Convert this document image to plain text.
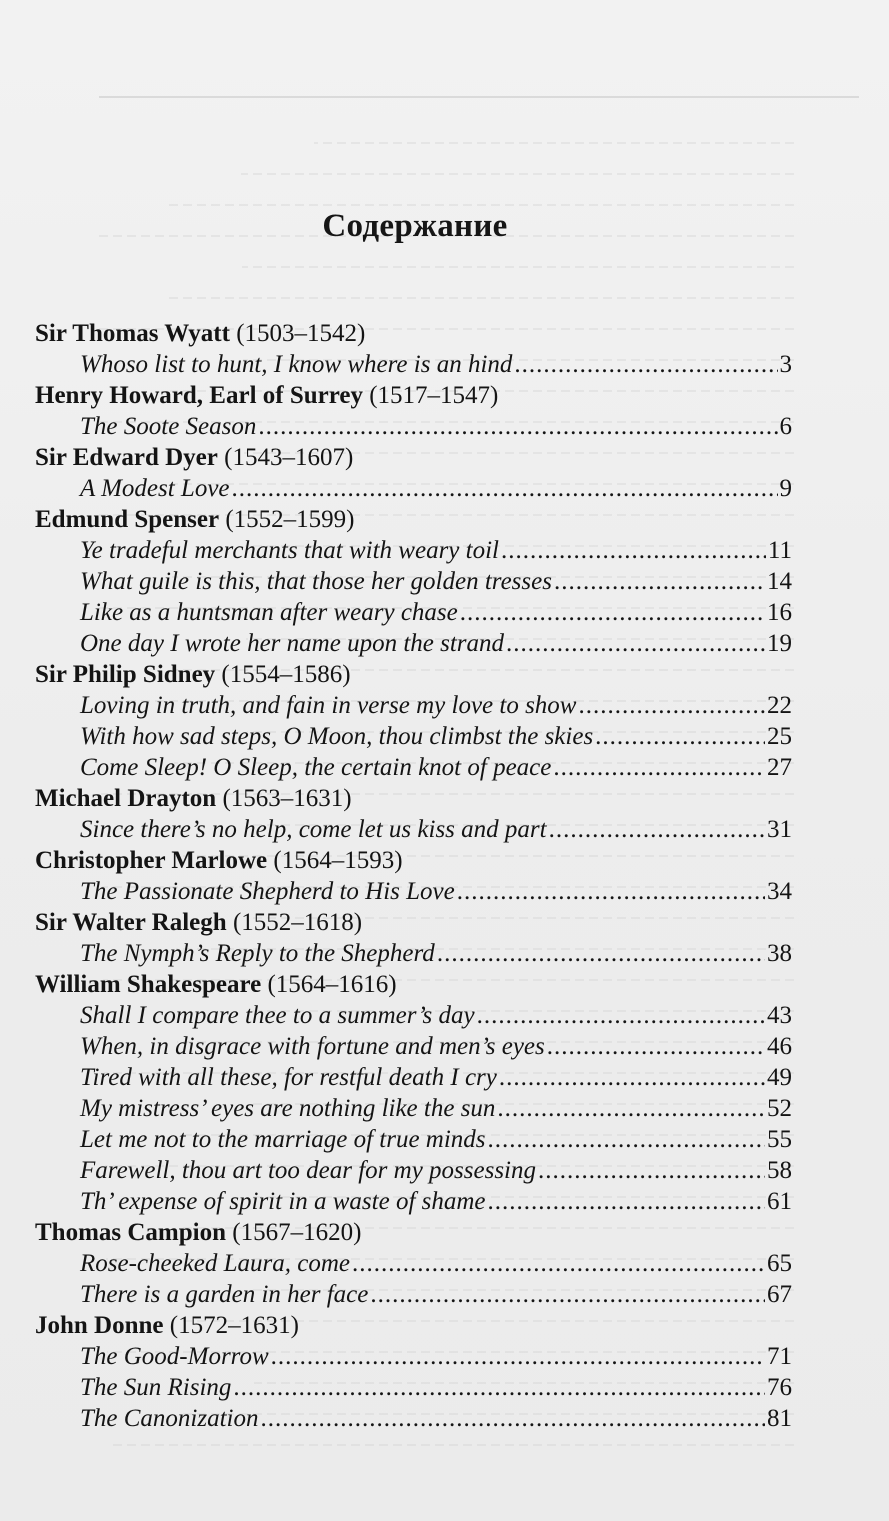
Содержание
Sir Thomas Wyatt (1503–1542)
Whoso list to hunt, I know where is an hind .....	3
Henry Howard, Earl of Surrey (1517–1547)
The Soote Season .....	6
Sir Edward Dyer (1543–1607)
A Modest Love .....	9
Edmund Spenser (1552–1599)
Ye tradeful merchants that with weary toil .....	11
What guile is this, that those her golden tresses .....	14
Like as a huntsman after weary chase .....	16
One day I wrote her name upon the strand .....	19
Sir Philip Sidney (1554–1586)
Loving in truth, and fain in verse my love to show .....	22
With how sad steps, O Moon, thou climbst the skies .....	25
Come Sleep! O Sleep, the certain knot of peace .....	27
Michael Drayton (1563–1631)
Since there’s no help, come let us kiss and part .....	31
Christopher Marlowe (1564–1593)
The Passionate Shepherd to His Love .....	34
Sir Walter Ralegh (1552–1618)
The Nymph’s Reply to the Shepherd .....	38
William Shakespeare (1564–1616)
Shall I compare thee to a summer’s day .....	43
When, in disgrace with fortune and men’s eyes .....	46
Tired with all these, for restful death I cry .....	49
My mistress’ eyes are nothing like the sun .....	52
Let me not to the marriage of true minds .....	55
Farewell, thou art too dear for my possessing .....	58
Th’ expense of spirit in a waste of shame .....	61
Thomas Campion (1567–1620)
Rose-cheeked Laura, come .....	65
There is a garden in her face .....	67
John Donne (1572–1631)
The Good-Morrow .....	71
The Sun Rising .....	76
The Canonization .....	81
